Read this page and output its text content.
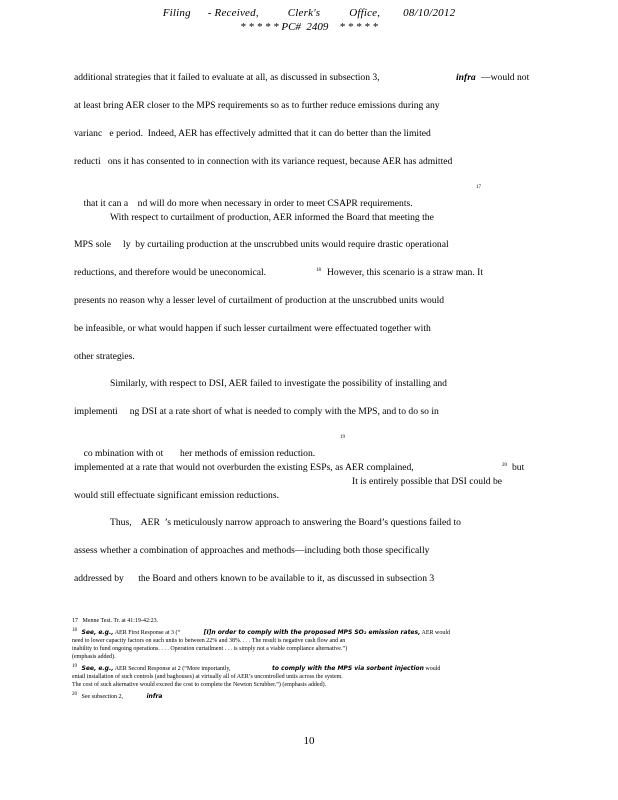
Filing - Received,	Clerk's	Office, 08/10/2012
* * * * * PC#  2409    * * * * *
additional strategies that it failed to evaluate at all, as discussed in subsection 3,	infra —would not
at least bring AER closer to the MPS requirements so as to further reduce emissions during any
varianc   e period.  Indeed, AER has effectively admitted that it can do better than the limited
reducti   ons it has consented to in connection with its variance request, because AER has admitted

that it can a    nd will do more when necessary in order to meet CSAPR requirements.

17

With respect to curtailment of production, AER informed the Board that meeting the
MPS sole     ly  by curtailing production at the unscrubbed units would require drastic operational
reductions, and therefore would be uneconomical.	18 However, this scenario is a straw man. It
presents no reason why a lesser level of curtailment of production at the unscrubbed units would
be infeasible, or what would happen if such lesser curtailment were effectuated together with
other strategies.
Similarly, with respect to DSI, AER failed to investigate the possibility of installing and
implementi     ng DSI at a rate short of what is needed to comply with the MPS, and to do so in

co mbination with ot       her methods of emission reduction.

19

It is entirely possible that DSI could be

implemented at a rate that would not overburden the existing ESPs, as AER complained,	20 but
would still effectuate significant emission reductions.
Thus,    AER  ’s meticulously narrow approach to answering the Board’s questions failed to
assess whether a combination of approaches and methods—including both those specifically
addressed by      the Board and others known to be available to it, as discussed in subsection 3
17   Menne Test. Tr. at 41:19-42:23.
$^{18}$ See, e.g., AER First Response at 3 (“	[I]n order to comply with the proposed MPS SO₂ emission rates, AER would
need to lower capacity factors on such units to between 22% and 38%. . . . The result is negative cash flow and an
inability to fund ongoing operations. . . . Operation curtailment . . . is simply not a viable compliance alternative.”)
(emphasis added).
$^{19}$ See, e.g., AER Second Response at 2 (“More importantly,	to comply with the MPS via sorbent injection would
entail installation of such controls (and baghouses) at virtually all of AER’s uncontrolled units across the system.
The cost of such alternative would exceed the cost to complete the Newton Scrubber.”) (emphasis added).
$^{20}$ See subsection 2,	infra
10
